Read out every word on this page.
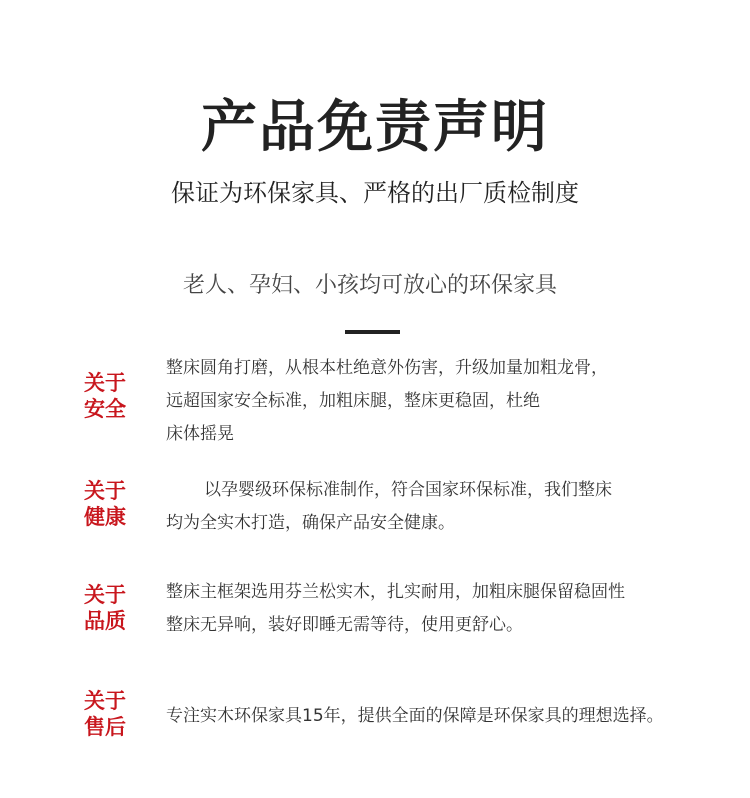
产品免责声明
保证为环保家具、严格的出厂质检制度
老人、孕妇、小孩均可放心的环保家具
关于
安全

整床圆角打磨，从根本杜绝意外伤害，升级加量加粗龙骨，

远超国家安全标准，加粗床腿，整床更稳固，杜绝

床体摇晃

关于
健康

以孕婴级环保标准制作，符合国家环保标准，我们整床

均为全实木打造，确保产品安全健康。

关于
品质

整床主框架选用芬兰松实木，扎实耐用，加粗床腿保留稳固性

整床无异响，装好即睡无需等待，使用更舒心。

关于
售后	专注实木环保家具15年，提供全面的保障是环保家具的理想选择。
